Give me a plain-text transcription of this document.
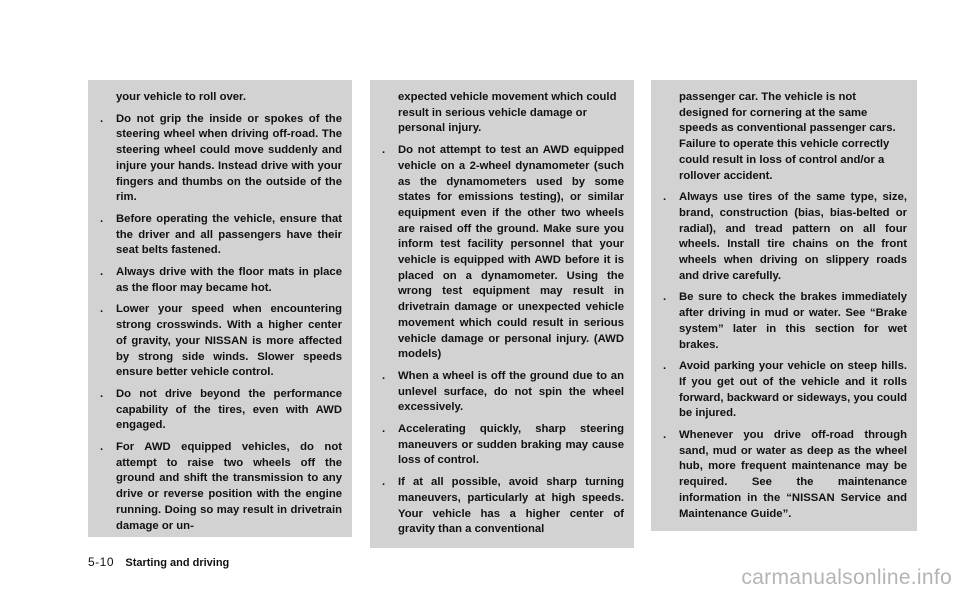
your vehicle to roll over.

. Do not grip the inside or spokes of the steering wheel when driving off-road. The steering wheel could move suddenly and injure your hands. Instead drive with your fingers and thumbs on the outside of the rim.

. Before operating the vehicle, ensure that the driver and all passengers have their seat belts fastened.

. Always drive with the floor mats in place as the floor may became hot.

. Lower your speed when encountering strong crosswinds. With a higher center of gravity, your NISSAN is more affected by strong side winds. Slower speeds ensure better vehicle control.

. Do not drive beyond the performance capability of the tires, even with AWD engaged.

. For AWD equipped vehicles, do not attempt to raise two wheels off the ground and shift the transmission to any drive or reverse position with the engine running. Doing so may result in drivetrain damage or un-

expected vehicle movement which could result in serious vehicle damage or personal injury.

. Do not attempt to test an AWD equipped vehicle on a 2-wheel dynamometer (such as the dynamometers used by some states for emissions testing), or similar equipment even if the other two wheels are raised off the ground. Make sure you inform test facility personnel that your vehicle is equipped with AWD before it is placed on a dynamometer. Using the wrong test equipment may result in drivetrain damage or unexpected vehicle movement which could result in serious vehicle damage or personal injury. (AWD models)

. When a wheel is off the ground due to an unlevel surface, do not spin the wheel excessively.

. Accelerating quickly, sharp steering maneuvers or sudden braking may cause loss of control.

. If at all possible, avoid sharp turning maneuvers, particularly at high speeds. Your vehicle has a higher center of gravity than a conventional

passenger car. The vehicle is not designed for cornering at the same speeds as conventional passenger cars. Failure to operate this vehicle correctly could result in loss of control and/or a rollover accident.

. Always use tires of the same type, size, brand, construction (bias, bias-belted or radial), and tread pattern on all four wheels. Install tire chains on the front wheels when driving on slippery roads and drive carefully.

. Be sure to check the brakes immediately after driving in mud or water. See “Brake system” later in this section for wet brakes.

. Avoid parking your vehicle on steep hills. If you get out of the vehicle and it rolls forward, backward or sideways, you could be injured.

. Whenever you drive off-road through sand, mud or water as deep as the wheel hub, more frequent maintenance may be required. See the maintenance information in the “NISSAN Service and Maintenance Guide”.

5-10 Starting and driving
carmanualsonline.info
